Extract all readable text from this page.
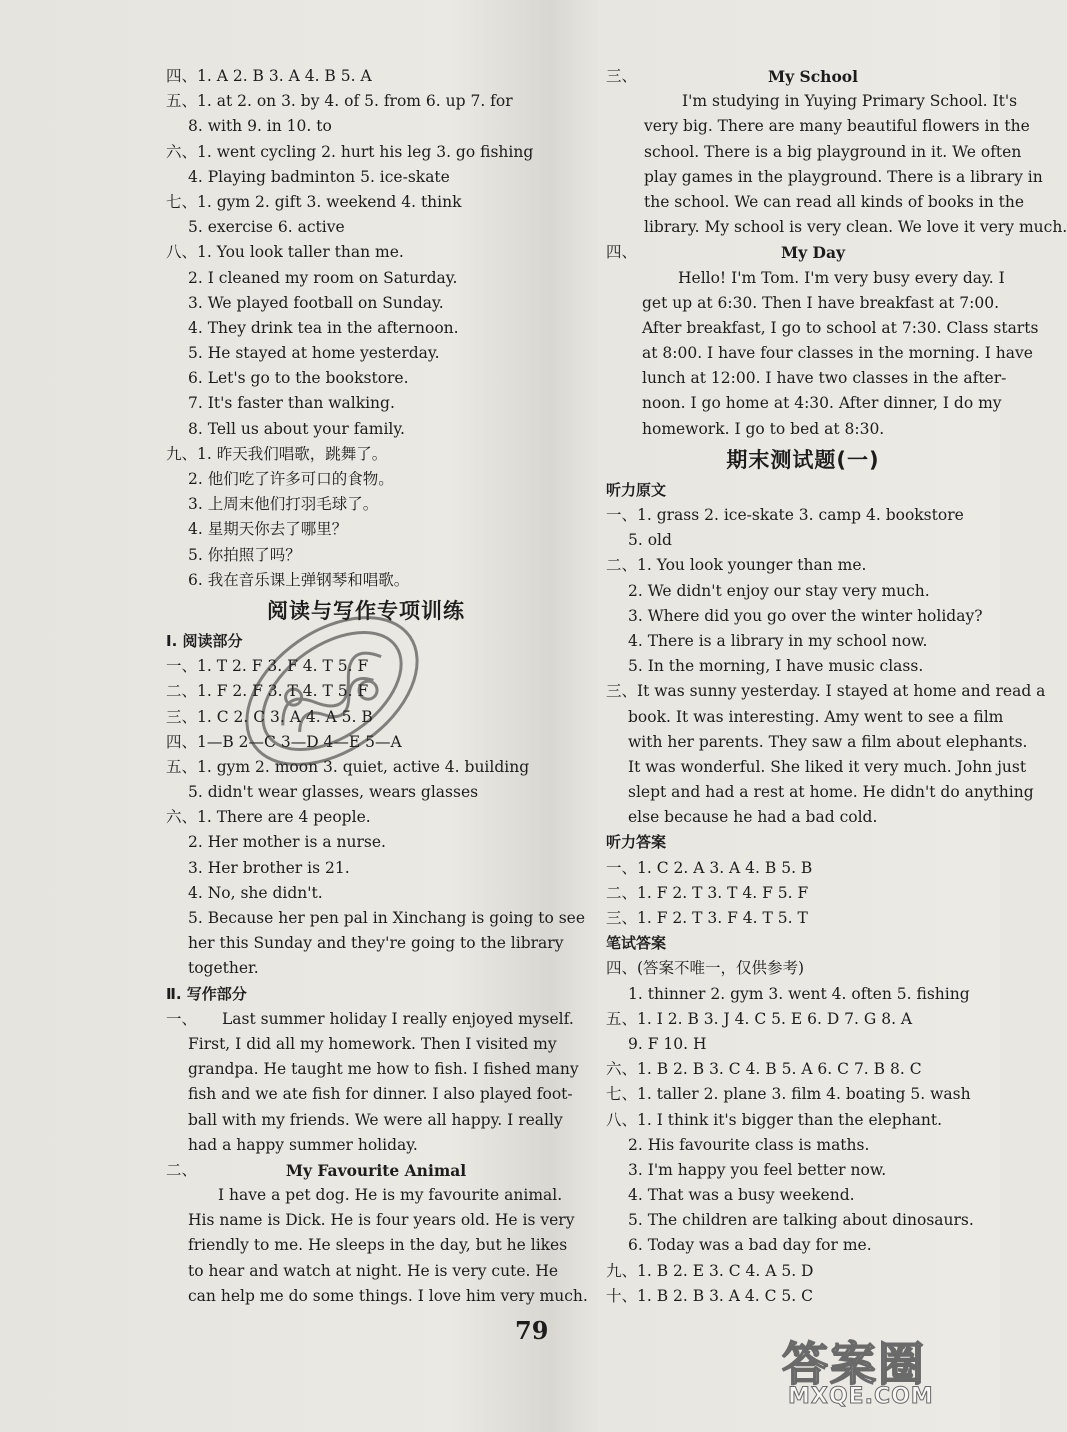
四、1. A 2. B 3. A 4. B 5. A
五、1. at 2. on 3. by 4. of 5. from 6. up 7. for
8. with 9. in 10. to
六、1. went cycling 2. hurt his leg 3. go fishing
4. Playing badminton 5. ice-skate
七、1. gym 2. gift 3. weekend 4. think
5. exercise 6. active
八、1. You look taller than me.
2. I cleaned my room on Saturday.
3. We played football on Sunday.
4. They drink tea in the afternoon.
5. He stayed at home yesterday.
6. Let's go to the bookstore.
7. It's faster than walking.
8. Tell us about your family.
九、1. 昨天我们唱歌，跳舞了。
2. 他们吃了许多可口的食物。
3. 上周末他们打羽毛球了。
4. 星期天你去了哪里？
5. 你拍照了吗？
6. 我在音乐课上弹钢琴和唱歌。
阅读与写作专项训练
Ⅰ. 阅读部分
一、1. T 2. F 3. F 4. T 5. F
二、1. F 2. F 3. T 4. T 5. F
三、1. C 2. C 3. A 4. A 5. B
四、1—B 2—C 3—D 4—E 5—A
五、1. gym 2. moon 3. quiet, active 4. building
5. didn't wear glasses, wears glasses
六、1. There are 4 people.
2. Her mother is a nurse.
3. Her brother is 21.
4. No, she didn't.
5. Because her pen pal in Xinchang is going to see
her this Sunday and they're going to the library
together.
Ⅱ. 写作部分
一、 Last summer holiday I really enjoyed myself.
First, I did all my homework. Then I visited my
grandpa. He taught me how to fish. I fished many
fish and we ate fish for dinner. I also played foot-
ball with my friends. We were all happy. I really
had a happy summer holiday.
二、	My Favourite Animal
I have a pet dog. He is my favourite animal.
His name is Dick. He is four years old. He is very
friendly to me. He sleeps in the day, but he likes
to hear and watch at night. He is very cute. He
can help me do some things. I love him very much.
三、	My School
I'm studying in Yuying Primary School. It's
very big. There are many beautiful flowers in the
school. There is a big playground in it. We often
play games in the playground. There is a library in
the school. We can read all kinds of books in the
library. My school is very clean. We love it very much.
四、	My Day
Hello! I'm Tom. I'm very busy every day. I
get up at 6:30. Then I have breakfast at 7:00.
After breakfast, I go to school at 7:30. Class starts
at 8:00. I have four classes in the morning. I have
lunch at 12:00. I have two classes in the after-
noon. I go home at 4:30. After dinner, I do my
homework. I go to bed at 8:30.
期末测试题(一)
听力原文
一、1. grass 2. ice-skate 3. camp 4. bookstore
5. old
二、1. You look younger than me.
2. We didn't enjoy our stay very much.
3. Where did you go over the winter holiday?
4. There is a library in my school now.
5. In the morning, I have music class.
三、It was sunny yesterday. I stayed at home and read a
book. It was interesting. Amy went to see a film
with her parents. They saw a film about elephants.
It was wonderful. She liked it very much. John just
slept and had a rest at home. He didn't do anything
else because he had a bad cold.
听力答案
一、1. C 2. A 3. A 4. B 5. B
二、1. F 2. T 3. T 4. F 5. F
三、1. F 2. T 3. F 4. T 5. T
笔试答案
四、(答案不唯一，仅供参考)
1. thinner 2. gym 3. went 4. often 5. fishing
五、1. I 2. B 3. J 4. C 5. E 6. D 7. G 8. A
9. F 10. H
六、1. B 2. B 3. C 4. B 5. A 6. C 7. B 8. C
七、1. taller 2. plane 3. film 4. boating 5. wash
八、1. I think it's bigger than the elephant.
2. His favourite class is maths.
3. I'm happy you feel better now.
4. That was a busy weekend.
5. The children are talking about dinosaurs.
6. Today was a bad day for me.
九、1. B 2. E 3. C 4. A 5. D
十、1. B 2. B 3. A 4. C 5. C
79
答案圈
MXQE.COM
